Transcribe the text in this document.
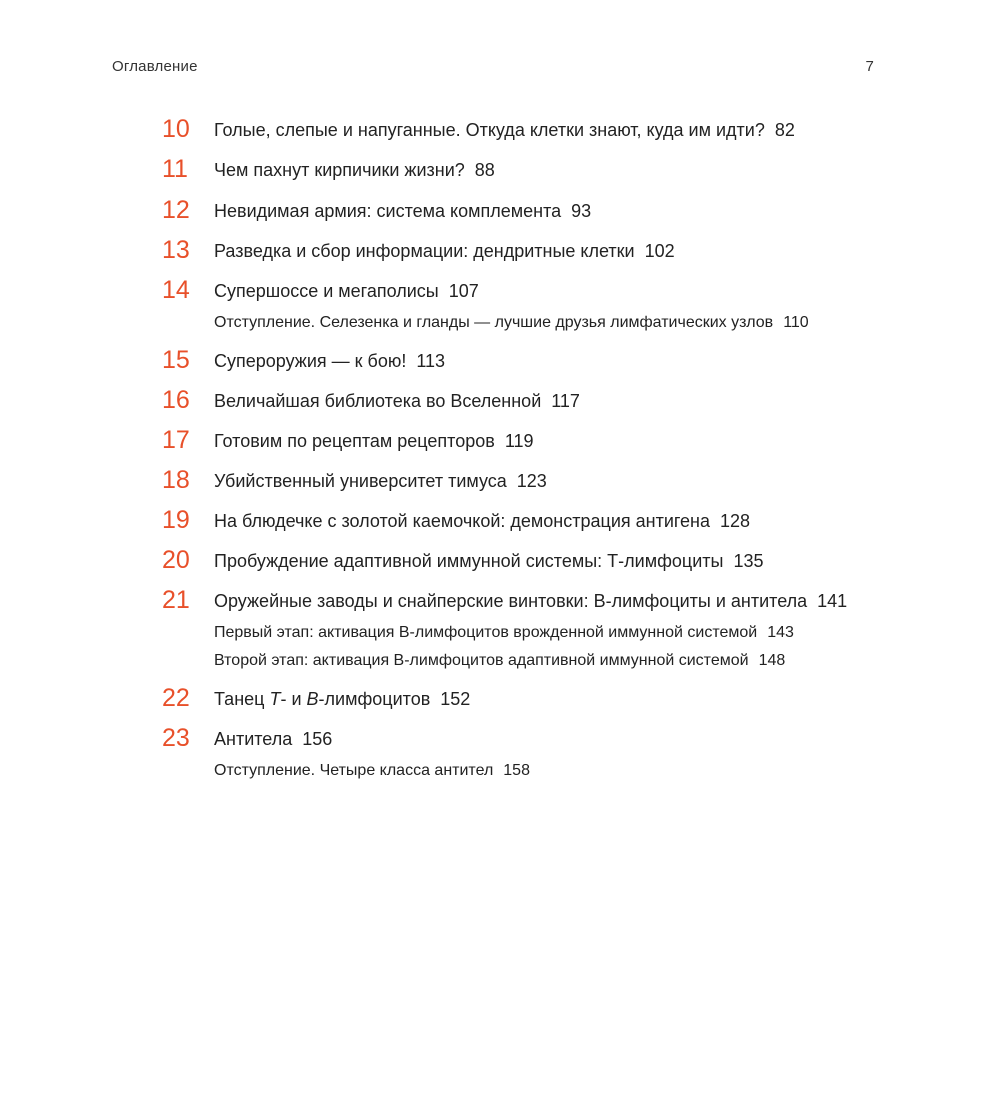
Оглавление	7
10	Голые, слепые и напуганные. Откуда клетки знают, куда им идти? 82

11	Чем пахнут кирпичики жизни? 88

12	Невидимая армия: система комплемента 93

13	Разведка и сбор информации: дендритные клетки 102

14	Супершоссе и мегаполисы 107

Отступление. Селезенка и гланды — лучшие друзья лимфатических узлов 110
15	Супероружия — к бою! 113

16	Величайшая библиотека во Вселенной 117

17	Готовим по рецептам рецепторов 119

18	Убийственный университет тимуса 123

19	На блюдечке с золотой каемочкой: демонстрация антигена 128

20	Пробуждение адаптивной иммунной системы: Т-лимфоциты 135

21	Оружейные заводы и снайперские винтовки: В-лимфоциты и антитела 141

Первый этап: активация В-лимфоцитов врожденной иммунной системой 143
Второй этап: активация В-лимфоцитов адаптивной иммунной системой 148
22	Танец Т- и В-лимфоцитов 152

23	Антитела 156

Отступление. Четыре класса антител 158
